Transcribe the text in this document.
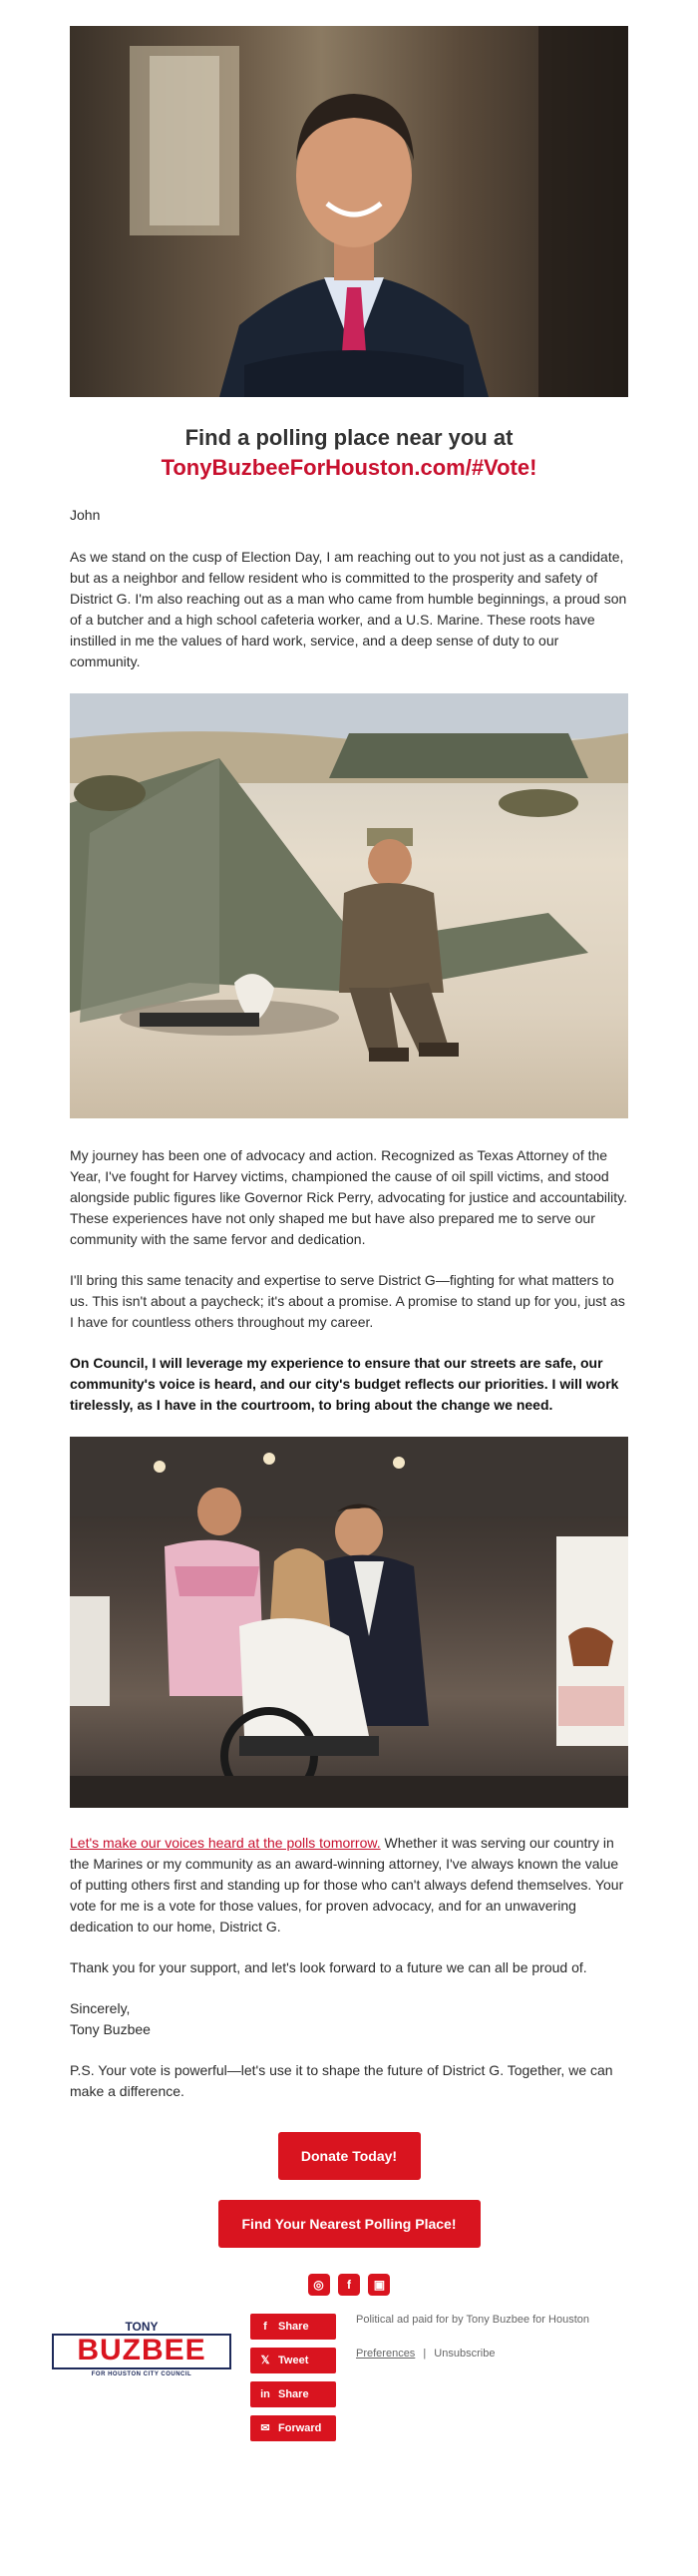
Find a polling place near you at
TonyBuzbeeForHouston.com/#Vote!

John

As we stand on the cusp of Election Day, I am reaching out to you not just as a candidate, but as a neighbor and fellow resident who is committed to the prosperity and safety of District G. I'm also reaching out as a man who came from humble beginnings, a proud son of a butcher and a high school cafeteria worker, and a U.S. Marine. These roots have instilled in me the values of hard work, service, and a deep sense of duty to our community.

My journey has been one of advocacy and action. Recognized as Texas Attorney of the Year, I've fought for Harvey victims, championed the cause of oil spill victims, and stood alongside public figures like Governor Rick Perry, advocating for justice and accountability. These experiences have not only shaped me but have also prepared me to serve our community with the same fervor and dedication.

I'll bring this same tenacity and expertise to serve District G—fighting for what matters to us. This isn't about a paycheck; it's about a promise. A promise to stand up for you, just as I have for countless others throughout my career.

On Council, I will leverage my experience to ensure that our streets are safe, our community's voice is heard, and our city's budget reflects our priorities. I will work tirelessly, as I have in the courtroom, to bring about the change we need.

Let's make our voices heard at the polls tomorrow. Whether it was serving our country in the Marines or my community as an award-winning attorney, I've always known the value of putting others first and standing up for those who can't always defend themselves. Your vote for me is a vote for those values, for proven advocacy, and for an unwavering dedication to our home, District G.

Thank you for your support, and let's look forward to a future we can all be proud of.

Sincerely,
Tony Buzbee

P.S. Your vote is powerful—let's use it to shape the future of District G. Together, we can make a difference.

Donate Today!
Find Your Nearest Polling Place!
◎ f ▣
TONY
BUZBEE
FOR HOUSTON CITY COUNCIL
f Share
𝕏 Tweet
in Share
✉ Forward
Political ad paid for by Tony Buzbee for Houston
Preferences | Unsubscribe
